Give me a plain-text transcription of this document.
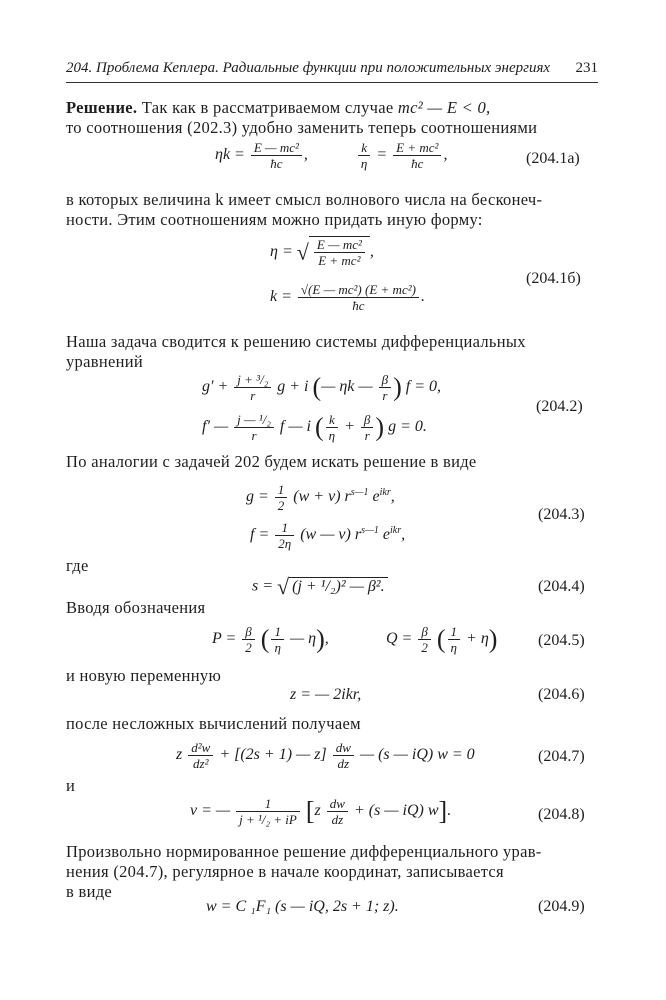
204. Проблема Кеплера. Радиальные функции при положительных энергиях 231
Решение. Так как в рассматриваемом случае mc² — E < 0,
то соотношения (202.3) удобно заменить теперь соотношениями
$\eta k = \frac{\text{E — mc²}}{ħc}$ ,	$\frac{k}{\eta} = \frac{\text{E + mc²}}{ħc}$ ,	(204.1a)
в которых величина k имеет смысл волнового числа на бесконеч-
ности. Этим соотношениям можно придать иную форму:
η = √ $\frac{\text{E — mc²}}{\text{E + mc²}}$ ,
$k = \frac{\text{√(E — mc²) (E + mc²)}}{ħc}$ .
(204.1б)
Наша задача сводится к решению системы дифференциальных
уравнений
$g' + \frac{\text{j + ³/₂}}{r}$ g + i (— ηk — $\frac{\beta}{r}$ ) f = 0,
f′ — $\frac{\text{j — ¹/₂}}{r}$ f — i ( $\frac{k}{\eta} + \frac{\beta}{r}$ ) g = 0.
(204.2)
По аналогии с задачей 202 будем искать решение в виде
$g = \frac{1}{2} (w + v)$ $r^{s—1}$ $e^{ikr}$,
$f = \frac{1}{2\eta} (w$ — v) $r^{s—1}$ $e^{ikr}$,
(204.3)
где
s = √ (j + ¹/₂)² — β².	(204.4)
Вводя обозначения
$P = \frac{\beta}{2}$ ( $\frac{1}{\eta}$ — η),	$Q = \frac{\beta}{2}$ ( $\frac{1}{\eta} + \eta$)	(204.5)
и новую переменную
z = — 2ikr,	(204.6)
после несложных вычислений получаем
z $\frac{\text{d²w}}{\text{dz²}} + [(2s + 1)$ — $z] \frac{dw}{dz}$ — (s — iQ) w = 0	(204.7)
и
v = — $\frac{1}{\text{j + ¹/₂ + iP}} [z \frac{dw}{dz} + (s$ — iQ) w].	(204.8)
Произвольно нормированное решение дифференциального урав-
нения (204.7), регулярное в начале координат, записывается
в виде
w = C ₁F₁ (s — iQ, 2s + 1; z).	(204.9)
